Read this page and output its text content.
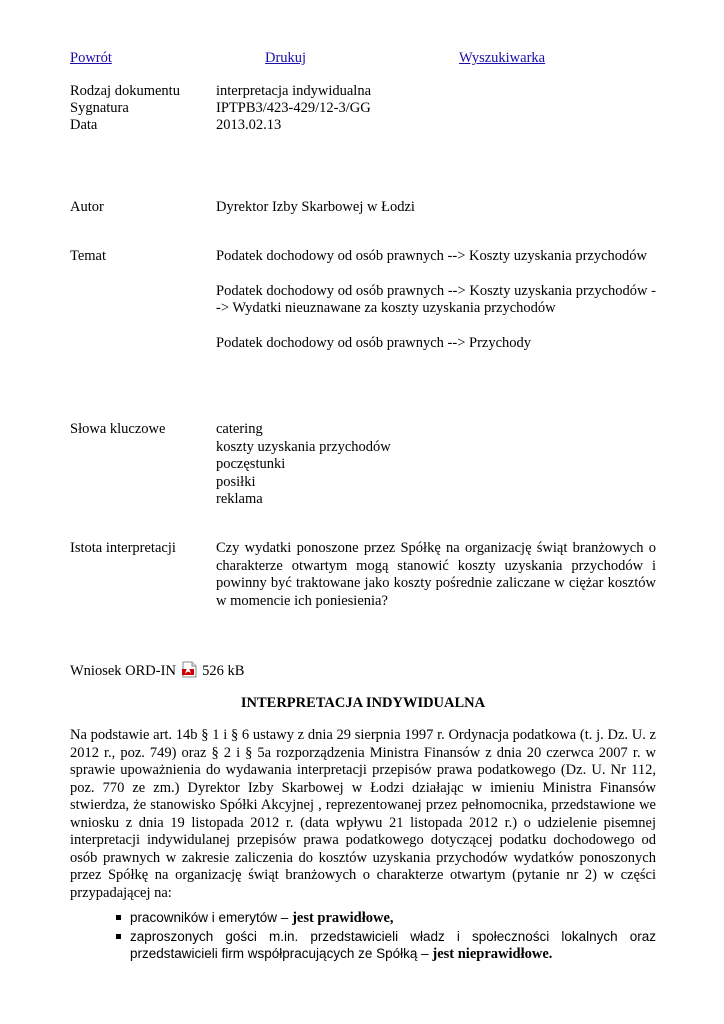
Powrót	Drukuj	Wyszukiwarka
Rodzaj dokumentu	interpretacja indywidualna
Sygnatura	IPTPB3/423-429/12-3/GG
Data	2013.02.13
Autor	Dyrektor Izby Skarbowej w Łodzi
Temat	Podatek dochodowy od osób prawnych --> Koszty uzyskania przychodów

Podatek dochodowy od osób prawnych --> Koszty uzyskania przychodów --> Wydatki nieuznawane za koszty uzyskania przychodów

Podatek dochodowy od osób prawnych --> Przychody

Słowa kluczowe	catering
koszty uzyskania przychodów
poczęstunki
posiłki
reklama
Istota interpretacji	Czy wydatki ponoszone przez Spółkę na organizację świąt branżowych o charakterze otwartym mogą stanowić koszty uzyskania przychodów i powinny być traktowane jako koszty pośrednie zaliczane w ciężar kosztów w momencie ich poniesienia?

Wniosek ORD-IN 526 kB
INTERPRETACJA INDYWIDUALNA

Na podstawie art. 14b § 1 i § 6 ustawy z dnia 29 sierpnia 1997 r. Ordynacja podatkowa (t. j. Dz. U. z 2012 r., poz. 749) oraz § 2 i § 5a rozporządzenia Ministra Finansów z dnia 20 czerwca 2007 r. w sprawie upoważnienia do wydawania interpretacji przepisów prawa podatkowego (Dz. U. Nr 112, poz. 770 ze zm.) Dyrektor Izby Skarbowej w Łodzi działając w imieniu Ministra Finansów stwierdza, że stanowisko Spółki Akcyjnej , reprezentowanej przez pełnomocnika, przedstawione we wniosku z dnia 19 listopada 2012 r. (data wpływu 21 listopada 2012 r.) o udzielenie pisemnej interpretacji indywidulanej przepisów prawa podatkowego dotyczącej podatku dochodowego od osób prawnych w zakresie zaliczenia do kosztów uzyskania przychodów wydatków ponoszonych przez Spółkę na organizację świąt branżowych o charakterze otwartym (pytanie nr 2) w części przypadającej na:

pracowników i emerytów – jest prawidłowe,
zaproszonych gości m.in. przedstawicieli władz i społeczności lokalnych oraz przedstawicieli firm współpracujących ze Spółką – jest nieprawidłowe.
